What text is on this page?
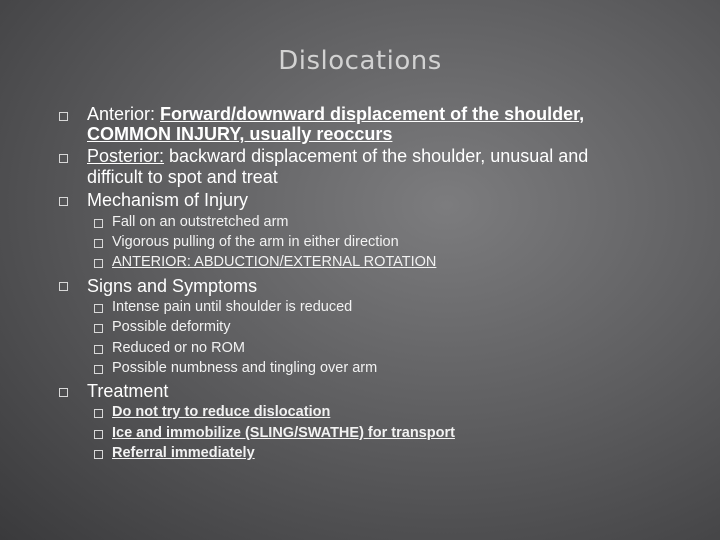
Dislocations
Anterior: Forward/downward displacement of the shoulder,
COMMON INJURY, usually reoccurs
Posterior: backward displacement of the shoulder, unusual and
difficult to spot and treat
Mechanism of Injury
Fall on an outstretched arm
Vigorous pulling of the arm in either direction
ANTERIOR: ABDUCTION/EXTERNAL ROTATION
Signs and Symptoms
Intense pain until shoulder is reduced
Possible deformity
Reduced or no ROM
Possible numbness and tingling over arm
Treatment
Do not try to reduce dislocation
Ice and immobilize (SLING/SWATHE) for transport
Referral immediately
